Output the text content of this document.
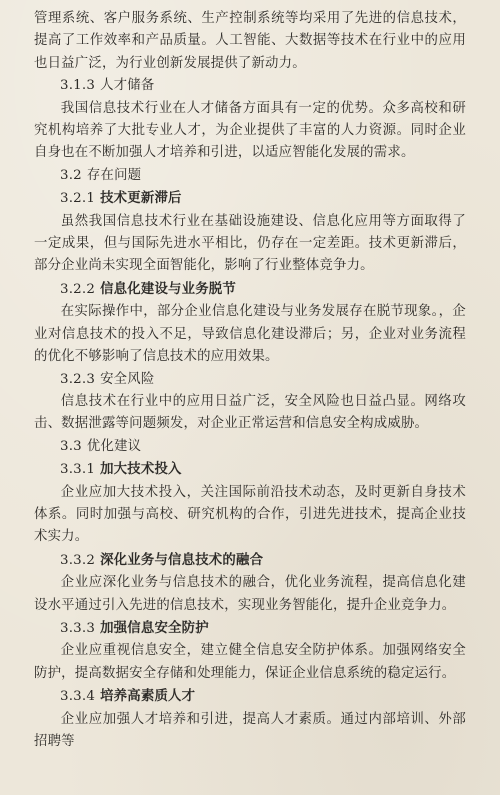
管理系统、客户服务系统、生产控制系统等均采用了先进的信息技术，提高了工作效率和产品质量。人工智能、大数据等技术在行业中的应用也日益广泛，为行业创新发展提供了新动力。

3.1.3 人才储备

我国信息技术行业在人才储备方面具有一定的优势。众多高校和研究机构培养了大批专业人才，为企业提供了丰富的人力资源。同时企业自身也在不断加强人才培养和引进，以适应智能化发展的需求。

3.2 存在问题

3.2.1 技术更新滞后

虽然我国信息技术行业在基础设施建设、信息化应用等方面取得了一定成果，但与国际先进水平相比，仍存在一定差距。技术更新滞后，部分企业尚未实现全面智能化，影响了行业整体竞争力。

3.2.2 信息化建设与业务脱节

在实际操作中，部分企业信息化建设与业务发展存在脱节现象。，企业对信息技术的投入不足，导致信息化建设滞后；另，企业对业务流程的优化不够影响了信息技术的应用效果。

3.2.3 安全风险

信息技术在行业中的应用日益广泛，安全风险也日益凸显。网络攻击、数据泄露等问题频发，对企业正常运营和信息安全构成威胁。

3.3 优化建议

3.3.1 加大技术投入

企业应加大技术投入，关注国际前沿技术动态，及时更新自身技术体系。同时加强与高校、研究机构的合作，引进先进技术，提高企业技术实力。

3.3.2 深化业务与信息技术的融合

企业应深化业务与信息技术的融合，优化业务流程，提高信息化建设水平通过引入先进的信息技术，实现业务智能化，提升企业竞争力。

3.3.3 加强信息安全防护

企业应重视信息安全，建立健全信息安全防护体系。加强网络安全防护，提高数据安全存储和处理能力，保证企业信息系统的稳定运行。

3.3.4 培养高素质人才

企业应加强人才培养和引进，提高人才素质。通过内部培训、外部招聘等
